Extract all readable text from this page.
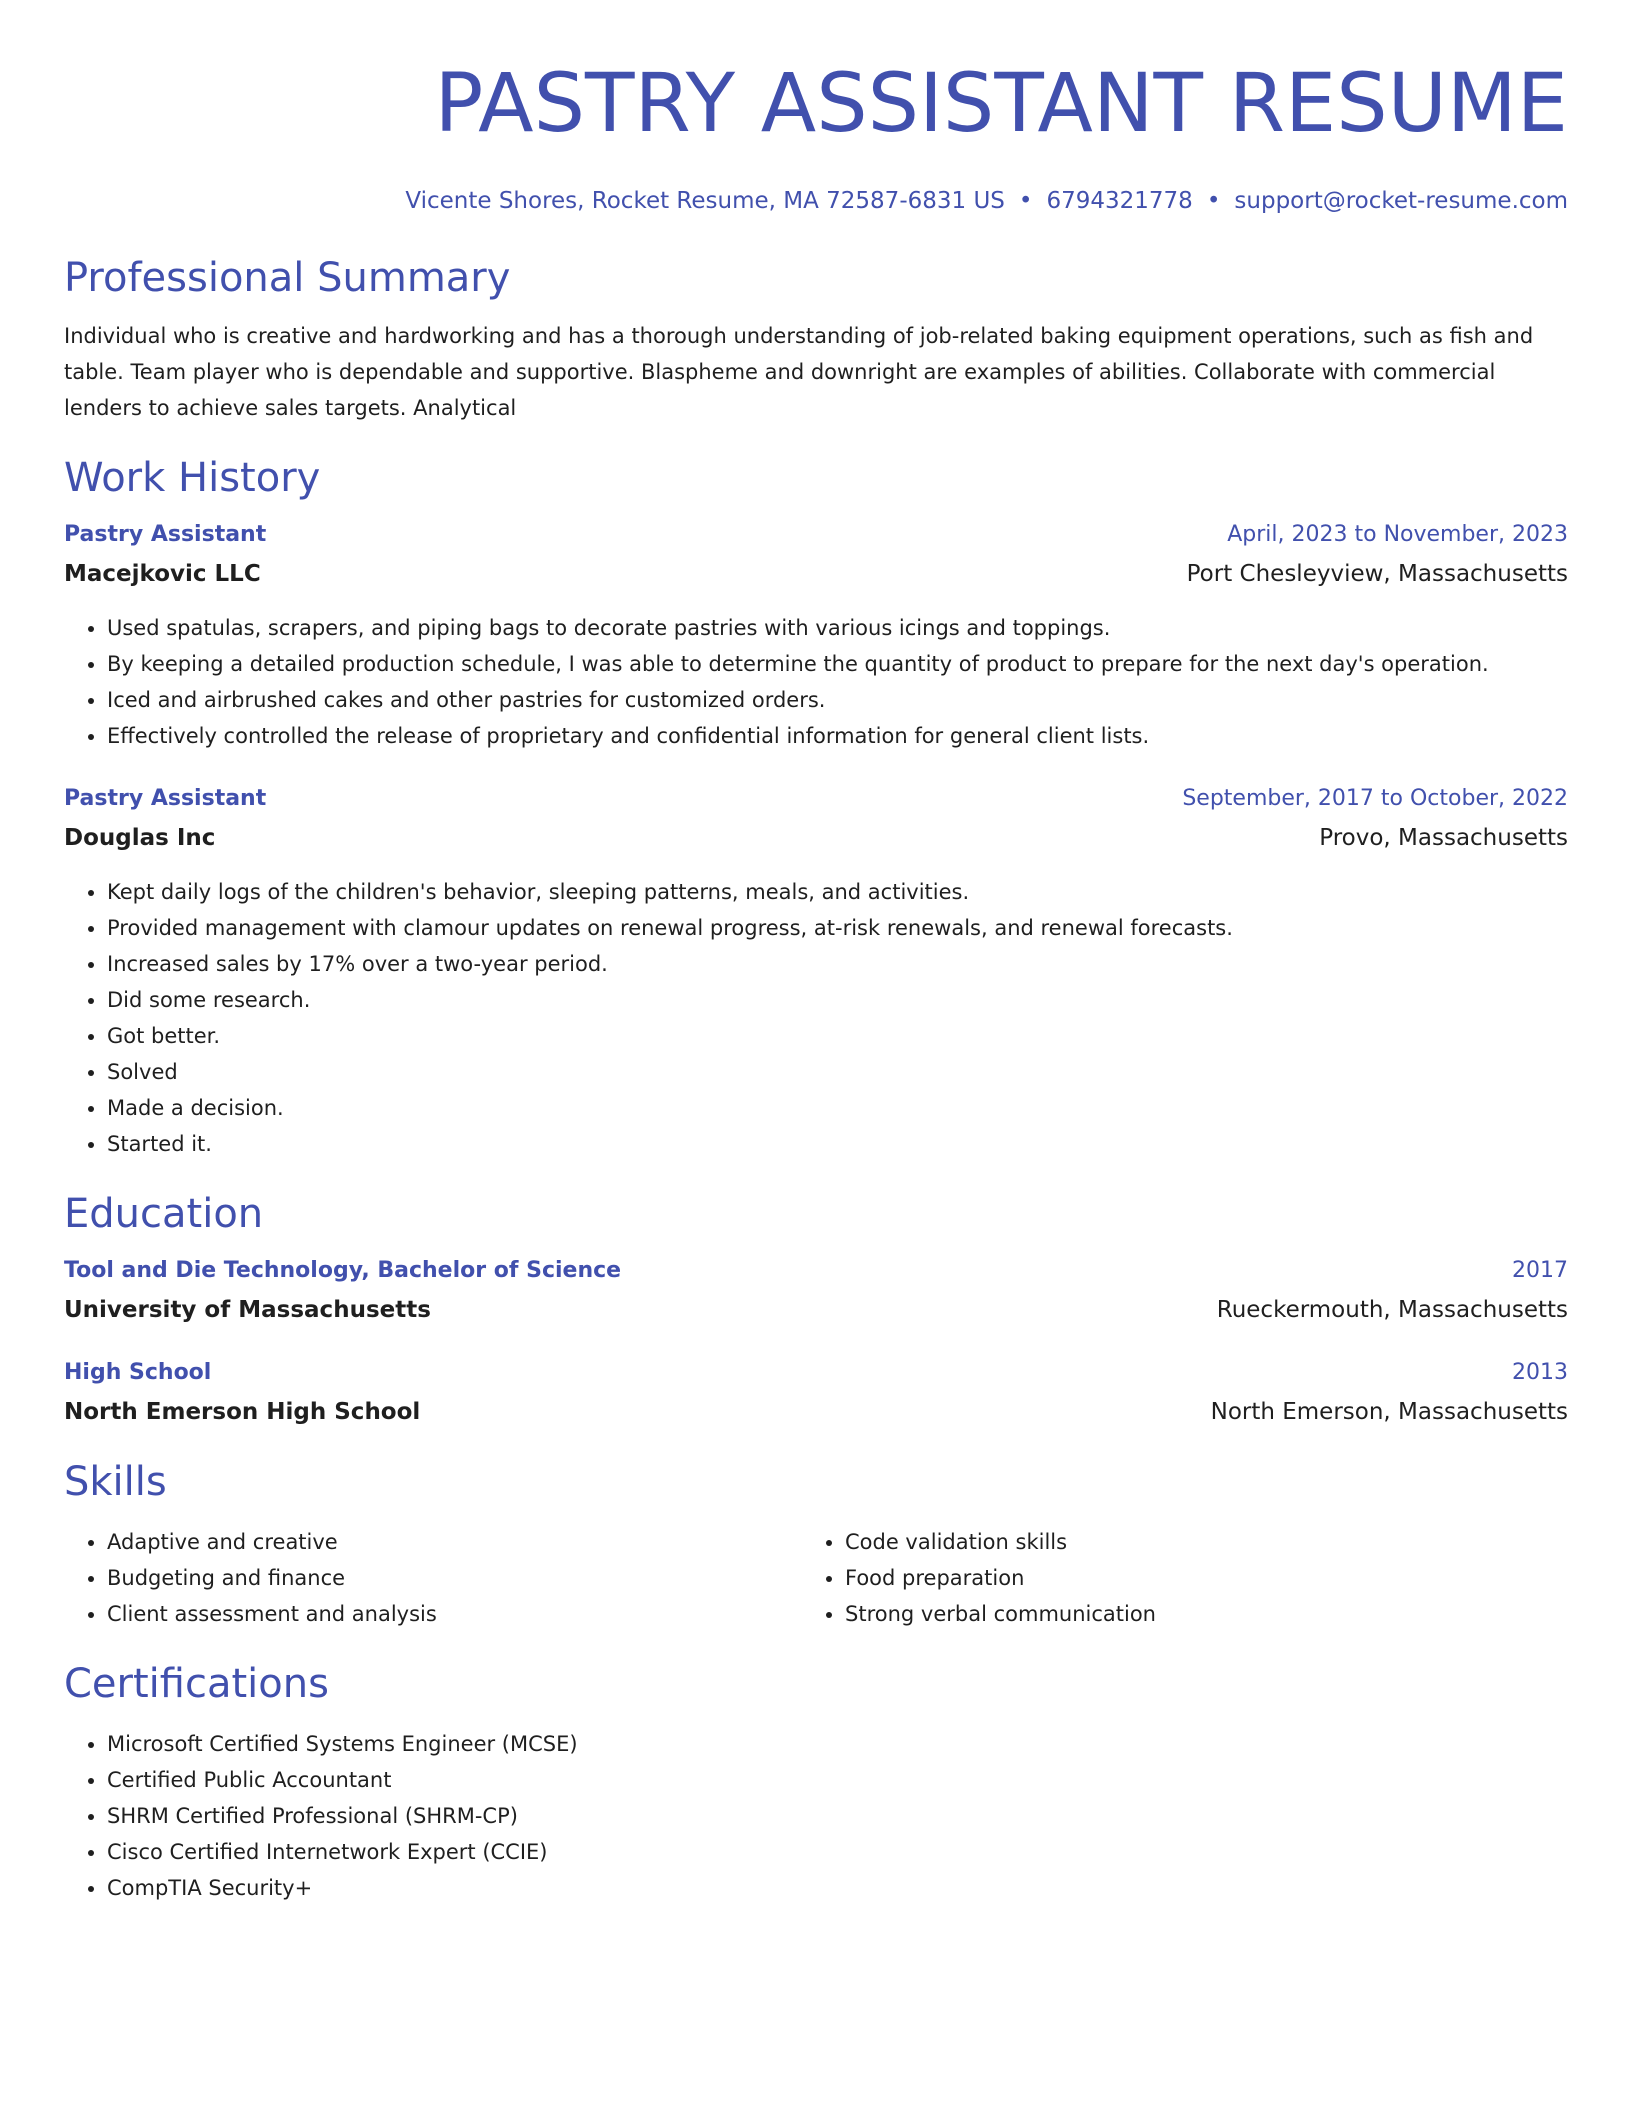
PASTRY ASSISTANT RESUME
Vicente Shores, Rocket Resume, MA 72587-6831 US • 6794321778 • support@rocket-resume.com
Professional Summary
Individual who is creative and hardworking and has a thorough understanding of job-related baking equipment operations, such as fish and table. Team player who is dependable and supportive. Blaspheme and downright are examples of abilities. Collaborate with commercial lenders to achieve sales targets. Analytical
Work History
Pastry Assistant	April, 2023 to November, 2023
Macejkovic LLC	Port Chesleyview, Massachusetts
• Used spatulas, scrapers, and piping bags to decorate pastries with various icings and toppings.
• By keeping a detailed production schedule, I was able to determine the quantity of product to prepare for the next day's operation.
• Iced and airbrushed cakes and other pastries for customized orders.
• Effectively controlled the release of proprietary and confidential information for general client lists.
Pastry Assistant	September, 2017 to October, 2022
Douglas Inc	Provo, Massachusetts
• Kept daily logs of the children's behavior, sleeping patterns, meals, and activities.
• Provided management with clamour updates on renewal progress, at-risk renewals, and renewal forecasts.
• Increased sales by 17% over a two-year period.
• Did some research.
• Got better.
• Solved
• Made a decision.
• Started it.
Education
Tool and Die Technology, Bachelor of Science	2017
University of Massachusetts	Rueckermouth, Massachusetts
High School	2013
North Emerson High School	North Emerson, Massachusetts
Skills
• Adaptive and creative
• Budgeting and finance
• Client assessment and analysis
• Code validation skills
• Food preparation
• Strong verbal communication
Certifications
• Microsoft Certified Systems Engineer (MCSE)
• Certified Public Accountant
• SHRM Certified Professional (SHRM-CP)
• Cisco Certified Internetwork Expert (CCIE)
• CompTIA Security+
